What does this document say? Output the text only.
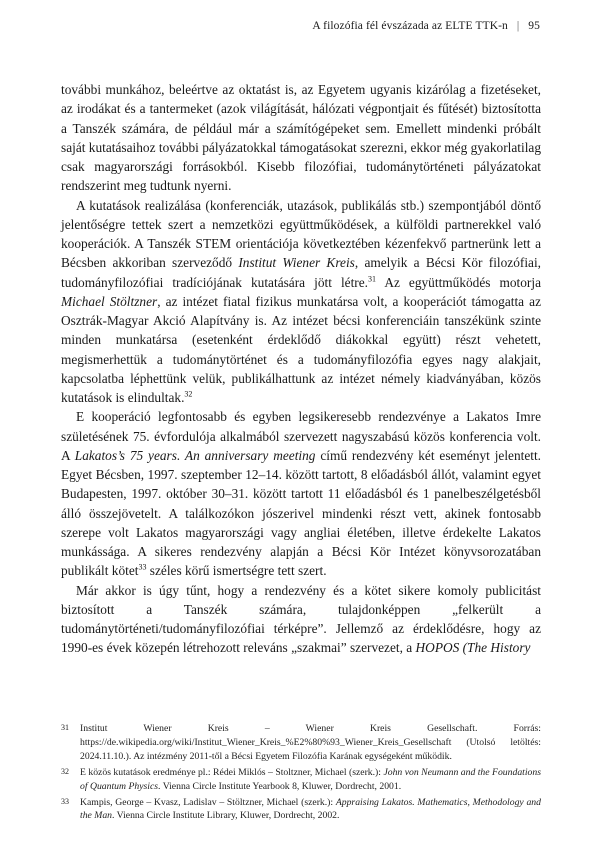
A filozófia fél évszázada az ELTE TTK-n | 95

további munkához, beleértve az oktatást is, az Egyetem ugyanis kizárólag a fizetéseket, az irodákat és a tantermeket (azok világítását, hálózati végpontjait és fűtését) biztosította a Tanszék számára, de például már a számítógépeket sem. Emellett mindenki próbált saját kutatásaihoz további pályázatokkal támogatásokat szerezni, ekkor még gyakorlatilag csak magyarországi forrásokból. Kisebb filozófiai, tudománytörténeti pályázatokat rendszerint meg tudtunk nyerni.

A kutatások realizálása (konferenciák, utazások, publikálás stb.) szempontjából döntő jelentőségre tettek szert a nemzetközi együttműködések, a külföldi partnerekkel való kooperációk. A Tanszék STEM orientációja következtében kézenfekvő partnerünk lett a Bécsben akkoriban szerveződő Institut Wiener Kreis, amelyik a Bécsi Kör filozófiai, tudományfilozófiai tradíciójának kutatására jött létre.$^{31}$ Az együttműködés motorja Michael Stöltzner, az intézet fiatal fizikus munkatársa volt, a kooperációt támogatta az Osztrák-Magyar Akció Alapítvány is. Az intézet bécsi konferenciáin tanszékünk szinte minden munkatársa (esetenként érdeklődő diákokkal együtt) részt vehetett, megismerhettük a tudománytörténet és a tudományfilozófia egyes nagy alakjait, kapcsolatba léphettünk velük, publikálhattunk az intézet némely kiadványában, közös kutatások is elindultak.$^{32}$

E kooperáció legfontosabb és egyben legsikeresebb rendezvénye a Lakatos Imre születésének 75. évfordulója alkalmából szervezett nagyszabású közös konferencia volt. A Lakatos’s 75 years. An anniversary meeting című rendezvény két eseményt jelentett. Egyet Bécsben, 1997. szeptember 12–14. között tartott, 8 előadásból állót, valamint egyet Budapesten, 1997. október 30–31. között tartott 11 előadásból és 1 panelbeszélgetésből álló összejövetelt. A találkozókon jószerivel mindenki részt vett, akinek fontosabb szerepe volt Lakatos magyarországi vagy angliai életében, illetve érdekelte Lakatos munkássága. A sikeres rendezvény alapján a Bécsi Kör Intézet könyvsorozatában publikált kötet$^{33}$ széles körű ismertségre tett szert.

Már akkor is úgy tűnt, hogy a rendezvény és a kötet sikere komoly publicitást biztosított a Tanszék számára, tulajdonképpen „felkerült a tudománytörténeti/tudományfilozófiai térképre”. Jellemző az érdeklődésre, hogy az 1990-es évek közepén létrehozott releváns „szakmai” szervezet, a HOPOS (The History

31 Institut Wiener Kreis – Wiener Kreis Gesellschaft. Forrás: https://de.wikipedia.org/wiki/Institut_Wiener_Kreis_%E2%80%93_Wiener_Kreis_Gesellschaft (Utolsó letöltés: 2024.11.10.). Az intézmény 2011-től a Bécsi Egyetem Filozófia Karának egységeként működik.
32 E közös kutatások eredménye pl.: Rédei Miklós – Stoltzner, Michael (szerk.): John von Neumann and the Foundations of Quantum Physics. Vienna Circle Institute Yearbook 8, Kluwer, Dordrecht, 2001.
33 Kampis, George – Kvasz, Ladislav – Stöltzner, Michael (szerk.): Appraising Lakatos. Mathematics, Methodology and the Man. Vienna Circle Institute Library, Kluwer, Dordrecht, 2002.
